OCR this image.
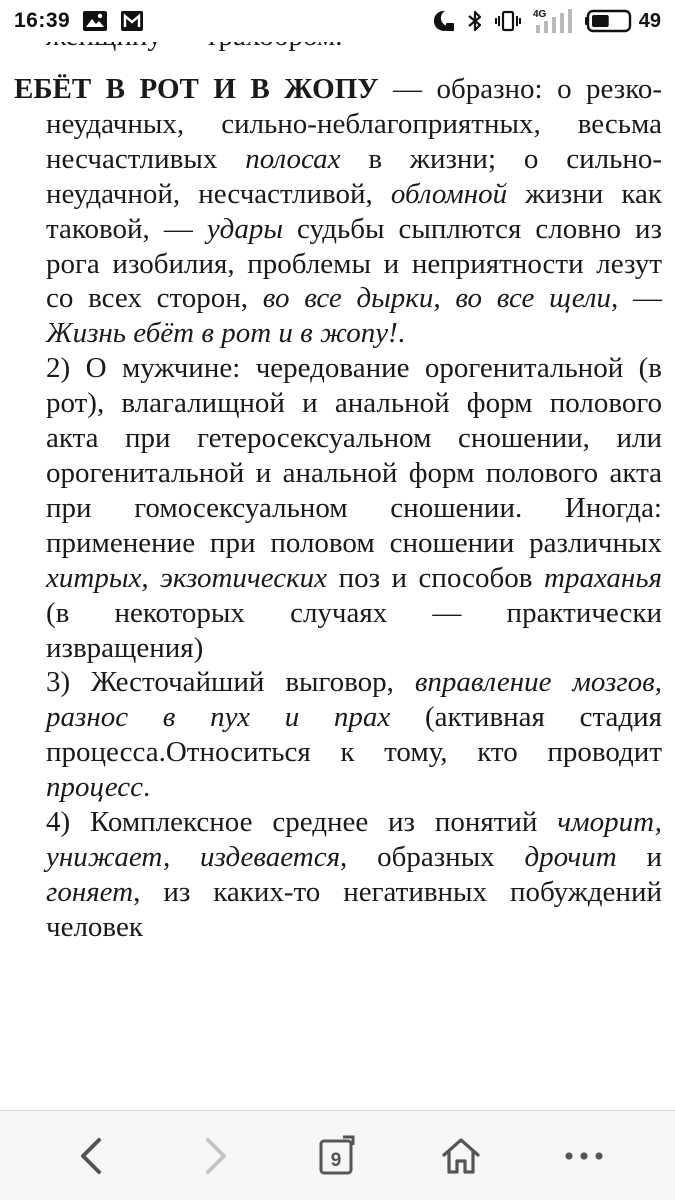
16:39	4G	49

ЕБЁТ В РОТ И В ЖОПУ — образно: о резко-неудачных, сильно-неблагоприятных, весьма несчастливых полосах в жизни; о сильно-неудачной, несчастливой, обломной жизни как таковой, — удары судьбы сыплются словно из рога изобилия, проблемы и неприятности лезут со всех сторон, во все дырки, во все щели, — Жизнь ебёт в рот и в жопу!.

2) О мужчине: чередование орогенитальной (в рот), влагалищной и анальной форм полового акта при гетеросексуальном сношении, или орогенитальной и анальной форм полового акта при гомосексуальном сношении. Иногда: применение при половом сношении различных хитрых, экзотических поз и способов траханья (в некоторых случаях — практически извращения)

3) Жесточайший выговор, вправление мозгов, разнос в пух и прах (активная стадия процесса.Относиться к тому, кто проводит процесс.

4) Комплексное среднее из понятий чморит, унижает, издевается, образных дрочит и гоняет, из каких-то негативных побуждений человек

9
